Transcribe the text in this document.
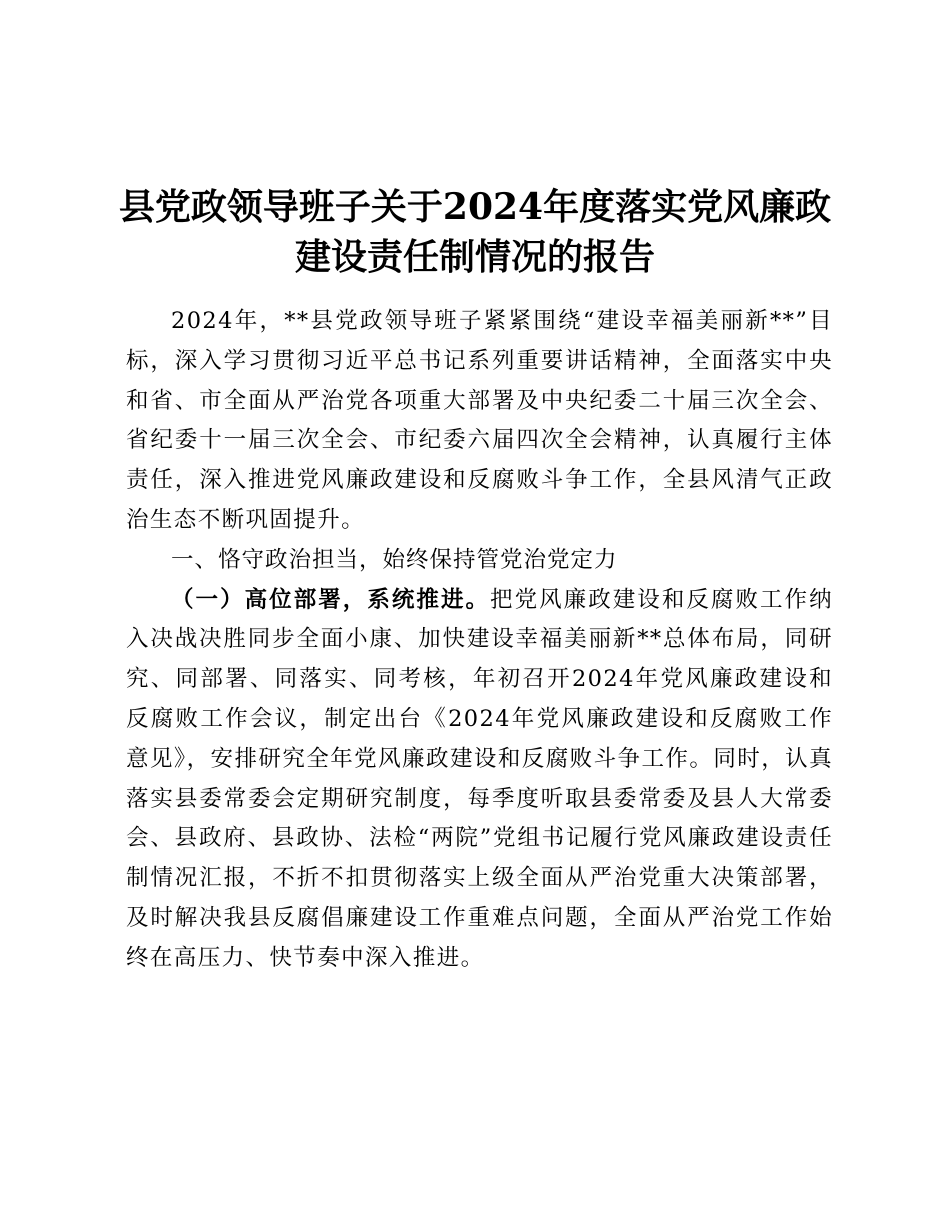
县党政领导班子关于2024年度落实党风廉政建设责任制情况的报告

2024年，**县党政领导班子紧紧围绕“建设幸福美丽新**”目标，深入学习贯彻习近平总书记系列重要讲话精神，全面落实中央和省、市全面从严治党各项重大部署及中央纪委二十届三次全会、省纪委十一届三次全会、市纪委六届四次全会精神，认真履行主体责任，深入推进党风廉政建设和反腐败斗争工作，全县风清气正政治生态不断巩固提升。

一、恪守政治担当，始终保持管党治党定力

（一）高位部署，系统推进。把党风廉政建设和反腐败工作纳入决战决胜同步全面小康、加快建设幸福美丽新**总体布局，同研究、同部署、同落实、同考核，年初召开2024年党风廉政建设和反腐败工作会议，制定出台《2024年党风廉政建设和反腐败工作意见》，安排研究全年党风廉政建设和反腐败斗争工作。同时，认真落实县委常委会定期研究制度，每季度听取县委常委及县人大常委会、县政府、县政协、法检“两院”党组书记履行党风廉政建设责任制情况汇报，不折不扣贯彻落实上级全面从严治党重大决策部署，及时解决我县反腐倡廉建设工作重难点问题，全面从严治党工作始终在高压力、快节奏中深入推进。
